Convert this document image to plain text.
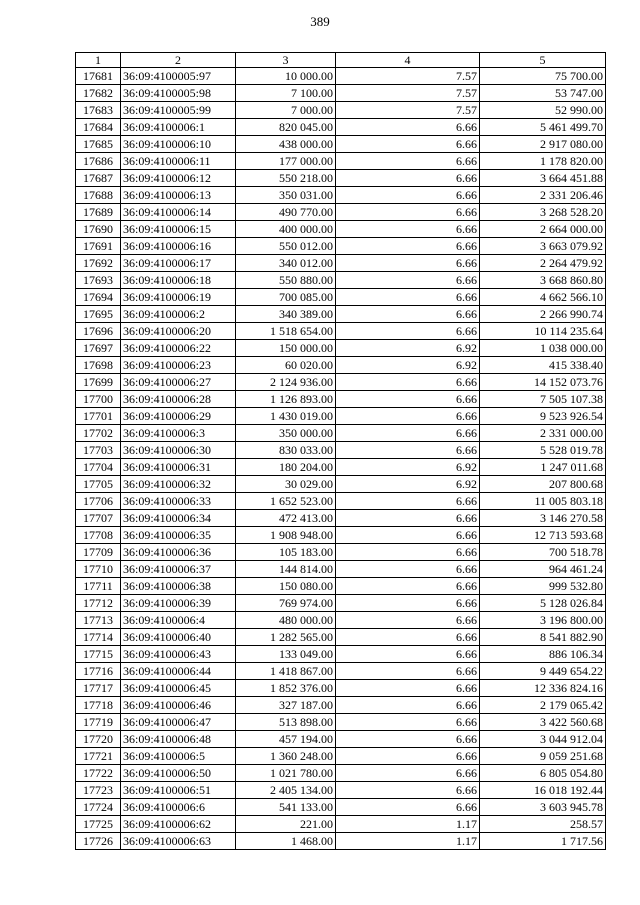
389
1	2	3	4	5
17681	36:09:4100005:97	10 000.00	7.57	75 700.00
17682	36:09:4100005:98	7 100.00	7.57	53 747.00
17683	36:09:4100005:99	7 000.00	7.57	52 990.00
17684	36:09:4100006:1	820 045.00	6.66	5 461 499.70
17685	36:09:4100006:10	438 000.00	6.66	2 917 080.00
17686	36:09:4100006:11	177 000.00	6.66	1 178 820.00
17687	36:09:4100006:12	550 218.00	6.66	3 664 451.88
17688	36:09:4100006:13	350 031.00	6.66	2 331 206.46
17689	36:09:4100006:14	490 770.00	6.66	3 268 528.20
17690	36:09:4100006:15	400 000.00	6.66	2 664 000.00
17691	36:09:4100006:16	550 012.00	6.66	3 663 079.92
17692	36:09:4100006:17	340 012.00	6.66	2 264 479.92
17693	36:09:4100006:18	550 880.00	6.66	3 668 860.80
17694	36:09:4100006:19	700 085.00	6.66	4 662 566.10
17695	36:09:4100006:2	340 389.00	6.66	2 266 990.74
17696	36:09:4100006:20	1 518 654.00	6.66	10 114 235.64
17697	36:09:4100006:22	150 000.00	6.92	1 038 000.00
17698	36:09:4100006:23	60 020.00	6.92	415 338.40
17699	36:09:4100006:27	2 124 936.00	6.66	14 152 073.76
17700	36:09:4100006:28	1 126 893.00	6.66	7 505 107.38
17701	36:09:4100006:29	1 430 019.00	6.66	9 523 926.54
17702	36:09:4100006:3	350 000.00	6.66	2 331 000.00
17703	36:09:4100006:30	830 033.00	6.66	5 528 019.78
17704	36:09:4100006:31	180 204.00	6.92	1 247 011.68
17705	36:09:4100006:32	30 029.00	6.92	207 800.68
17706	36:09:4100006:33	1 652 523.00	6.66	11 005 803.18
17707	36:09:4100006:34	472 413.00	6.66	3 146 270.58
17708	36:09:4100006:35	1 908 948.00	6.66	12 713 593.68
17709	36:09:4100006:36	105 183.00	6.66	700 518.78
17710	36:09:4100006:37	144 814.00	6.66	964 461.24
17711	36:09:4100006:38	150 080.00	6.66	999 532.80
17712	36:09:4100006:39	769 974.00	6.66	5 128 026.84
17713	36:09:4100006:4	480 000.00	6.66	3 196 800.00
17714	36:09:4100006:40	1 282 565.00	6.66	8 541 882.90
17715	36:09:4100006:43	133 049.00	6.66	886 106.34
17716	36:09:4100006:44	1 418 867.00	6.66	9 449 654.22
17717	36:09:4100006:45	1 852 376.00	6.66	12 336 824.16
17718	36:09:4100006:46	327 187.00	6.66	2 179 065.42
17719	36:09:4100006:47	513 898.00	6.66	3 422 560.68
17720	36:09:4100006:48	457 194.00	6.66	3 044 912.04
17721	36:09:4100006:5	1 360 248.00	6.66	9 059 251.68
17722	36:09:4100006:50	1 021 780.00	6.66	6 805 054.80
17723	36:09:4100006:51	2 405 134.00	6.66	16 018 192.44
17724	36:09:4100006:6	541 133.00	6.66	3 603 945.78
17725	36:09:4100006:62	221.00	1.17	258.57
17726	36:09:4100006:63	1 468.00	1.17	1 717.56
